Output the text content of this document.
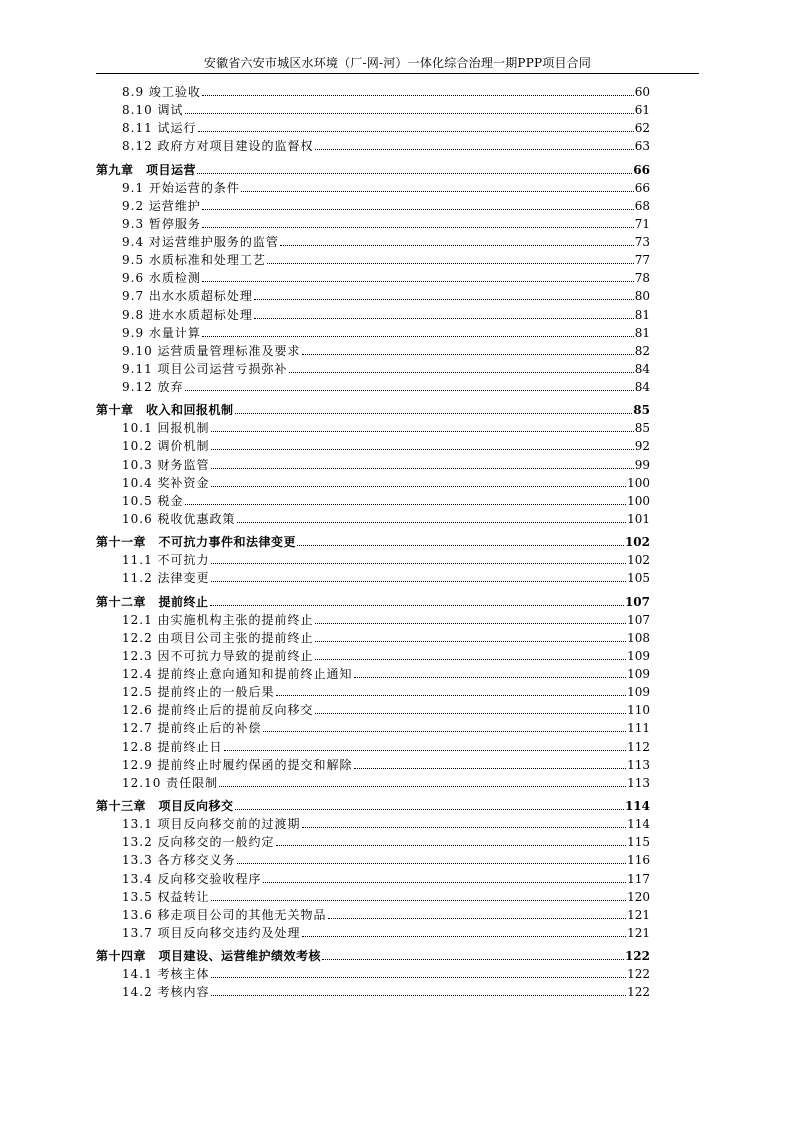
安徽省六安市城区水环境（厂-网-河）一体化综合治理一期PPP项目合同
8.9 竣工验收	60
8.10 调试	61
8.11 试运行	62
8.12 政府方对项目建设的监督权	63
第九章　项目运营	66
9.1 开始运营的条件	66
9.2 运营维护	68
9.3 暂停服务	71
9.4 对运营维护服务的监管	73
9.5 水质标准和处理工艺	77
9.6 水质检测	78
9.7 出水水质超标处理	80
9.8 进水水质超标处理	81
9.9 水量计算	81
9.10 运营质量管理标准及要求	82
9.11 项目公司运营亏损弥补	84
9.12 放弃	84
第十章　收入和回报机制	85
10.1 回报机制	85
10.2 调价机制	92
10.3 财务监管	99
10.4 奖补资金	100
10.5 税金	100
10.6 税收优惠政策	101
第十一章　不可抗力事件和法律变更	102
11.1 不可抗力	102
11.2 法律变更	105
第十二章　提前终止	107
12.1 由实施机构主张的提前终止	107
12.2 由项目公司主张的提前终止	108
12.3 因不可抗力导致的提前终止	109
12.4 提前终止意向通知和提前终止通知	109
12.5 提前终止的一般后果	109
12.6 提前终止后的提前反向移交	110
12.7 提前终止后的补偿	111
12.8 提前终止日	112
12.9 提前终止时履约保函的提交和解除	113
12.10 责任限制	113
第十三章　项目反向移交	114
13.1 项目反向移交前的过渡期	114
13.2 反向移交的一般约定	115
13.3 各方移交义务	116
13.4 反向移交验收程序	117
13.5 权益转让	120
13.6 移走项目公司的其他无关物品	121
13.7 项目反向移交违约及处理	121
第十四章　项目建设、运营维护绩效考核	122
14.1 考核主体	122
14.2 考核内容	122
